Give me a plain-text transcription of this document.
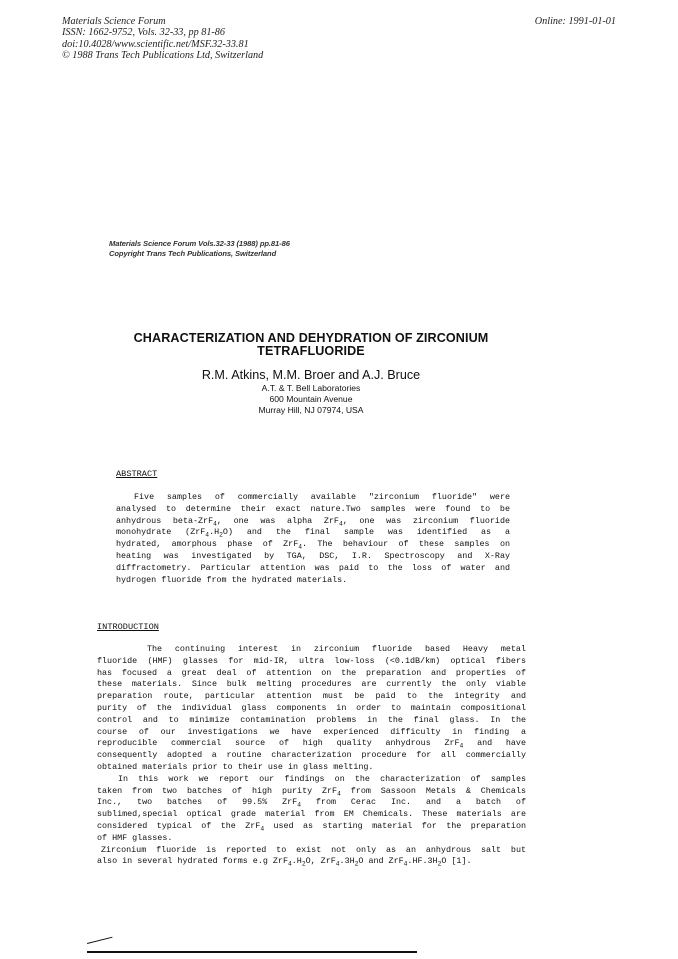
Materials Science Forum
ISSN: 1662-9752, Vols. 32-33, pp 81-86
doi:10.4028/www.scientific.net/MSF.32-33.81
© 1988 Trans Tech Publications Ltd, Switzerland
Online: 1991-01-01
Materials Science Forum Vols.32-33 (1988) pp.81-86
Copyright Trans Tech Publications, Switzerland
CHARACTERIZATION AND DEHYDRATION OF ZIRCONIUM
TETRAFLUORIDE
R.M. Atkins, M.M. Broer and A.J. Bruce
A.T. & T. Bell Laboratories
600 Mountain Avenue
Murray Hill, NJ 07974, USA
ABSTRACT
Five samples of commercially available "zirconium fluoride" were
analysed to determine their exact nature.Two samples were found to be
anhydrous beta-ZrF$_4$, one was alpha ZrF$_4$, one was zirconium fluoride
monohydrate $(ZrF_4.H_2O)$ and the final sample was identified as a
hydrated, amorphous phase of ZrF$_4$. The behaviour of these samples on
heating was investigated by TGA, DSC, I.R. Spectroscopy and X-Ray
diffractometry. Particular attention was paid to the loss of water and
hydrogen fluoride from the hydrated materials.
INTRODUCTION
The continuing interest in zirconium fluoride based Heavy metal
fluoride (HMF) glasses for mid-IR, ultra low-loss (<0.1dB/km) optical fibers
has focused a great deal of attention on the preparation and properties of
these materials. Since bulk melting procedures are currently the only viable
preparation route, particular attention must be paid to the integrity and
purity of the individual glass components in order to maintain compositional
control and to minimize contamination problems in the final glass. In the
course of our investigations we have experienced difficulty in finding a
reproducible commercial source of high quality anhydrous ZrF$_4$ and have
consequently adopted a routine characterization procedure for all commercially
obtained materials prior to their use in glass melting.
In this work we report our findings on the characterization of samples
taken from two batches of high purity ZrF$_4$ from Sassoon Metals & Chemicals
Inc., two batches of 99.5% ZrF$_4$ from Cerac Inc. and a batch of
sublimed,special optical grade material from EM Chemicals. These materials are
considered typical of the ZrF$_4$ used as starting material for the preparation
of HMF glasses.
Zirconium fluoride is reported to exist not only as an anhydrous salt but
also in several hydrated forms e.g $ZrF_4.H_2O$, $ZrF_4.3H_2O$ and $ZrF_4.HF.3H_2O$ [1].
